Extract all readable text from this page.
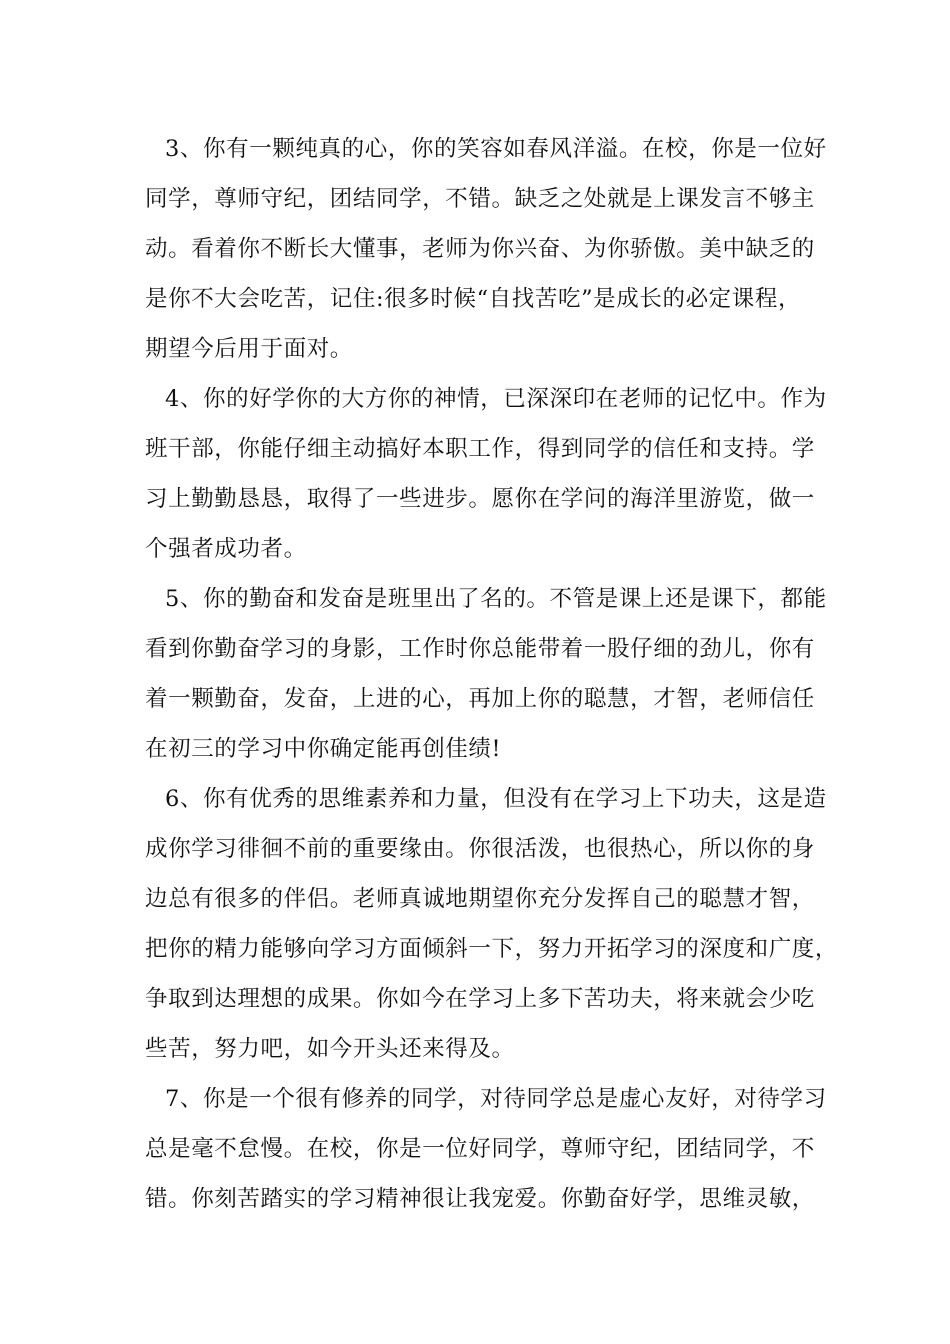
3、你有一颗纯真的心，你的笑容如春风洋溢。在校，你是一位好
同学，尊师守纪，团结同学，不错。缺乏之处就是上课发言不够主
动。看着你不断长大懂事，老师为你兴奋、为你骄傲。美中缺乏的
是你不大会吃苦，记住:很多时候“自找苦吃”是成长的必定课程，
期望今后用于面对。
4、你的好学你的大方你的神情，已深深印在老师的记忆中。作为
班干部，你能仔细主动搞好本职工作，得到同学的信任和支持。学
习上勤勤恳恳，取得了一些进步。愿你在学问的海洋里游览，做一
个强者成功者。
5、你的勤奋和发奋是班里出了名的。不管是课上还是课下，都能
看到你勤奋学习的身影，工作时你总能带着一股仔细的劲儿，你有
着一颗勤奋，发奋，上进的心，再加上你的聪慧，才智，老师信任
在初三的学习中你确定能再创佳绩!
6、你有优秀的思维素养和力量，但没有在学习上下功夫，这是造
成你学习徘徊不前的重要缘由。你很活泼，也很热心，所以你的身
边总有很多的伴侣。老师真诚地期望你充分发挥自己的聪慧才智，
把你的精力能够向学习方面倾斜一下，努力开拓学习的深度和广度，
争取到达理想的成果。你如今在学习上多下苦功夫，将来就会少吃
些苦，努力吧，如今开头还来得及。
7、你是一个很有修养的同学，对待同学总是虚心友好，对待学习
总是毫不怠慢。在校，你是一位好同学，尊师守纪，团结同学，不
错。你刻苦踏实的学习精神很让我宠爱。你勤奋好学，思维灵敏，
